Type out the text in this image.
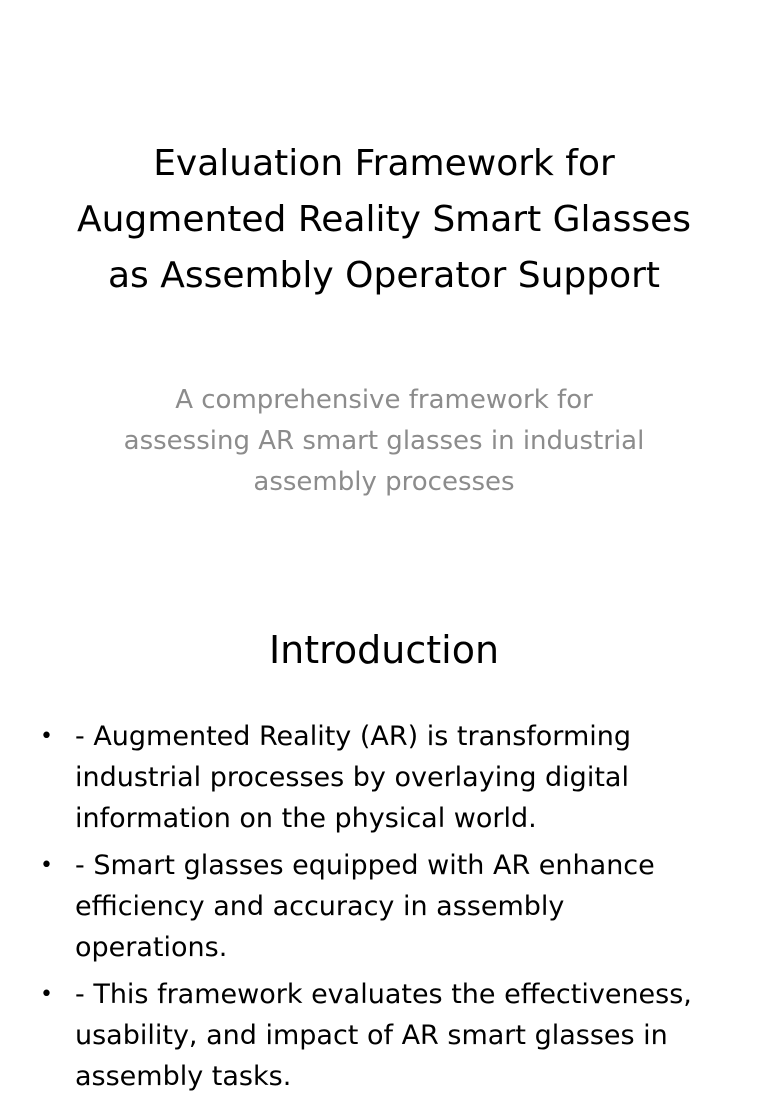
Evaluation Framework for Augmented Reality Smart Glasses as Assembly Operator Support

A comprehensive framework for assessing AR smart glasses in industrial assembly processes

Introduction
• - Augmented Reality (AR) is transforming industrial processes by overlaying digital information on the physical world.
• - Smart glasses equipped with AR enhance efficiency and accuracy in assembly operations.
• - This framework evaluates the effectiveness, usability, and impact of AR smart glasses in assembly tasks.
